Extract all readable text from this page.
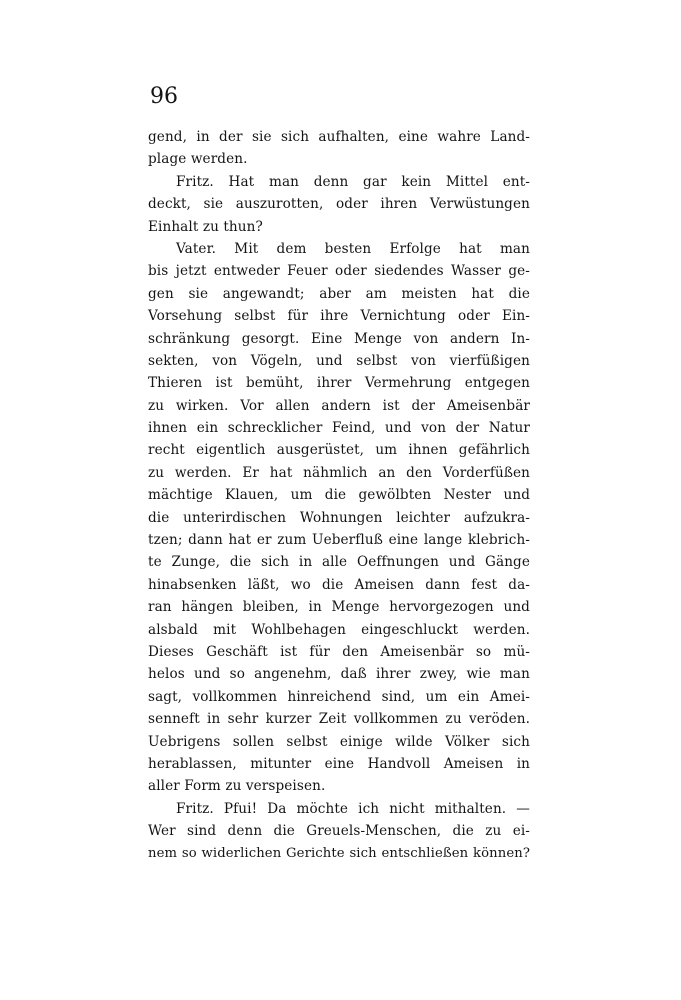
96
gend, in der sie sich aufhalten, eine wahre Land-
plage werden.
Fritz. Hat man denn gar kein Mittel ent-
deckt, sie auszurotten, oder ihren Verwüstungen
Einhalt zu thun?
Vater. Mit dem besten Erfolge hat man
bis jetzt entweder Feuer oder siedendes Wasser ge-
gen sie angewandt; aber am meisten hat die
Vorsehung selbst für ihre Vernichtung oder Ein-
schränkung gesorgt. Eine Menge von andern In-
sekten, von Vögeln, und selbst von vierfüßigen
Thieren ist bemüht, ihrer Vermehrung entgegen
zu wirken. Vor allen andern ist der Ameisenbär
ihnen ein schrecklicher Feind, und von der Natur
recht eigentlich ausgerüstet, um ihnen gefährlich
zu werden. Er hat nähmlich an den Vorderfüßen
mächtige Klauen, um die gewölbten Nester und
die unterirdischen Wohnungen leichter aufzukra-
tzen; dann hat er zum Ueberfluß eine lange klebrich-
te Zunge, die sich in alle Oeffnungen und Gänge
hinabsenken läßt, wo die Ameisen dann fest da-
ran hängen bleiben, in Menge hervorgezogen und
alsbald mit Wohlbehagen eingeschluckt werden.
Dieses Geschäft ist für den Ameisenbär so mü-
helos und so angenehm, daß ihrer zwey, wie man
sagt, vollkommen hinreichend sind, um ein Amei-
senneft in sehr kurzer Zeit vollkommen zu veröden.
Uebrigens sollen selbst einige wilde Völker sich
herablassen, mitunter eine Handvoll Ameisen in
aller Form zu verspeisen.
Fritz. Pfui! Da möchte ich nicht mithalten. —
Wer sind denn die Greuels-Menschen, die zu ei-
nem so widerlichen Gerichte sich entschließen können?
